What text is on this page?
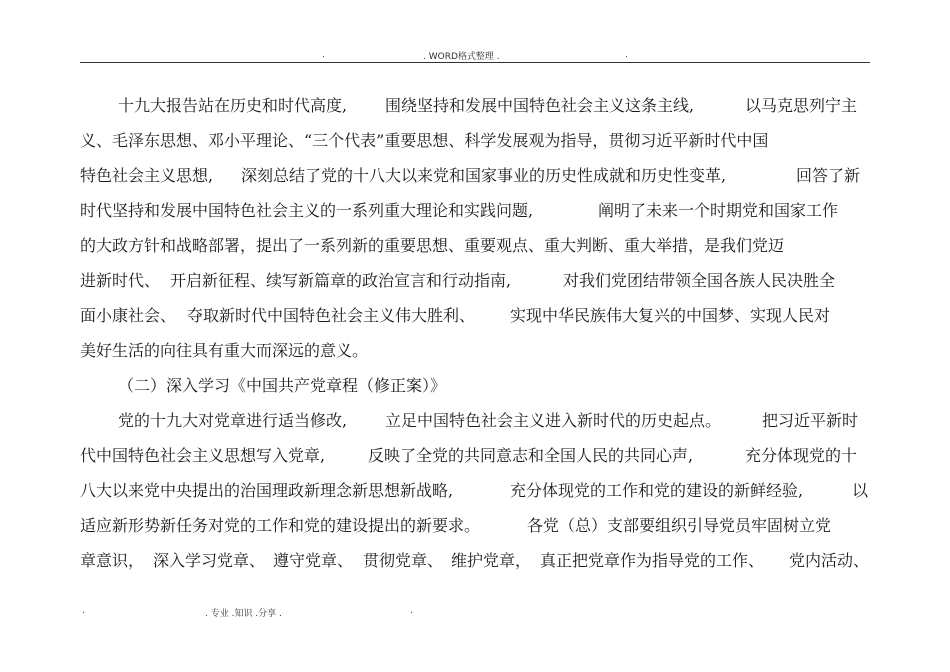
.	. WORD格式整理 .	.
十九大报告站在历史和时代高度, 围绕坚持和发展中国特色社会主义这条主线,	以马克思列宁主
义、毛泽东思想、邓小平理论、“三个代表”重要思想、科学发展观为指导，贯彻习近平新时代中国
特色社会主义思想, 深刻总结了党的十八大以来党和国家事业的历史性成就和历史性变革,	回答了新
时代坚持和发展中国特色社会主义的一系列重大理论和实践问题,	阐明了未来一个时期党和国家工作
的大政方针和战略部署，提出了一系列新的重要思想、重要观点、重大判断、重大举措，是我们党迈
进新时代、 开启新征程、续写新篇章的政治宣言和行动指南,	对我们党团结带领全国各族人民决胜全
面小康社会、 夺取新时代中国特色社会主义伟大胜利、 实现中华民族伟大复兴的中国梦、实现人民对
美好生活的向往具有重大而深远的意义。
（二）深入学习《中国共产党章程（修正案）》
党的十九大对党章进行适当修改, 立足中国特色社会主义进入新时代的历史起点。	把习近平新时
代中国特色社会主义思想写入党章,	反映了全党的共同意志和全国人民的共同心声,	充分体现党的十
八大以来党中央提出的治国理政新理念新思想新战略,	充分体现党的工作和党的建设的新鲜经验,	以
适应新形势新任务对党的工作和党的建设提出的新要求。	各党（总）支部要组织引导党员牢固树立党
章意识， 深入学习党章、 遵守党章、 贯彻党章、 维护党章， 真正把党章作为指导党的工作、 党内活动、
.	. 专业 .知识 .分享 .	.
